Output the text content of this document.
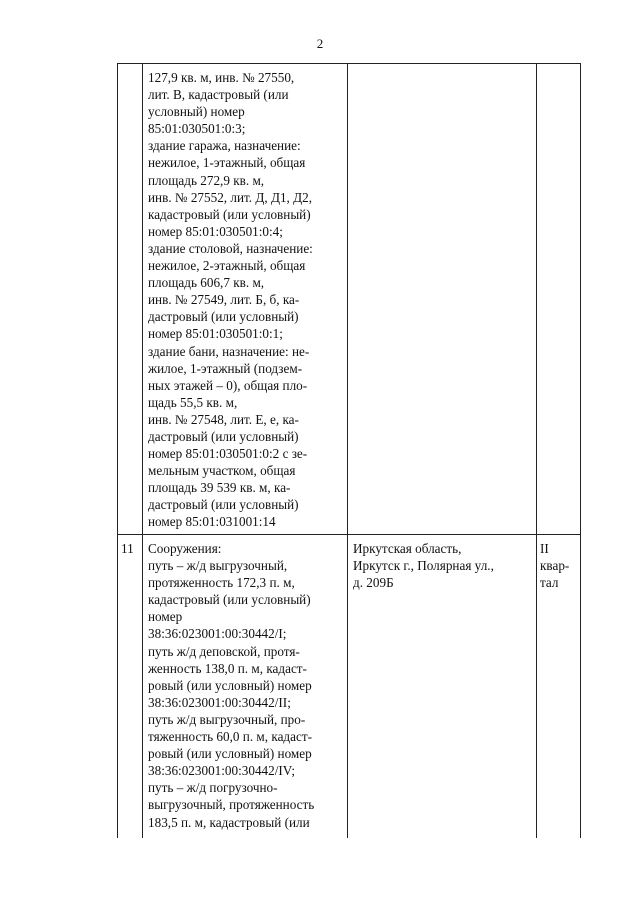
2
127,9 кв. м, инв. № 27550,
лит. В, кадастровый (или
условный) номер
85:01:030501:0:3;
здание гаража, назначение:
нежилое, 1-этажный, общая
площадь 272,9 кв. м,
инв. № 27552, лит. Д, Д1, Д2,
кадастровый (или условный)
номер 85:01:030501:0:4;
здание столовой, назначение:
нежилое, 2-этажный, общая
площадь 606,7 кв. м,
инв. № 27549, лит. Б, б, ка-
дастровый (или условный)
номер 85:01:030501:0:1;
здание бани, назначение: не-
жилое, 1-этажный (подзем-
ных этажей – 0), общая пло-
щадь 55,5 кв. м,
инв. № 27548, лит. Е, е, ка-
дастровый (или условный)
номер 85:01:030501:0:2 с зе-
мельным участком, общая
площадь 39 539 кв. м, ка-
дастровый (или условный)
номер 85:01:031001:14
11 Сооружения:
путь – ж/д выгрузочный,
протяженность 172,3 п. м,
кадастровый (или условный)
номер
38:36:023001:00:30442/I;
путь ж/д деповской, протя-
женность 138,0 п. м, кадаст-
ровый (или условный) номер
38:36:023001:00:30442/II;
путь ж/д выгрузочный, про-
тяженность 60,0 п. м, кадаст-
ровый (или условный) номер
38:36:023001:00:30442/IV;
путь – ж/д погрузочно-
выгрузочный, протяженность
183,5 п. м, кадастровый (или
Иркутская область,
Иркутск г., Полярная ул.,
д. 209Б
II
квар-
тал
